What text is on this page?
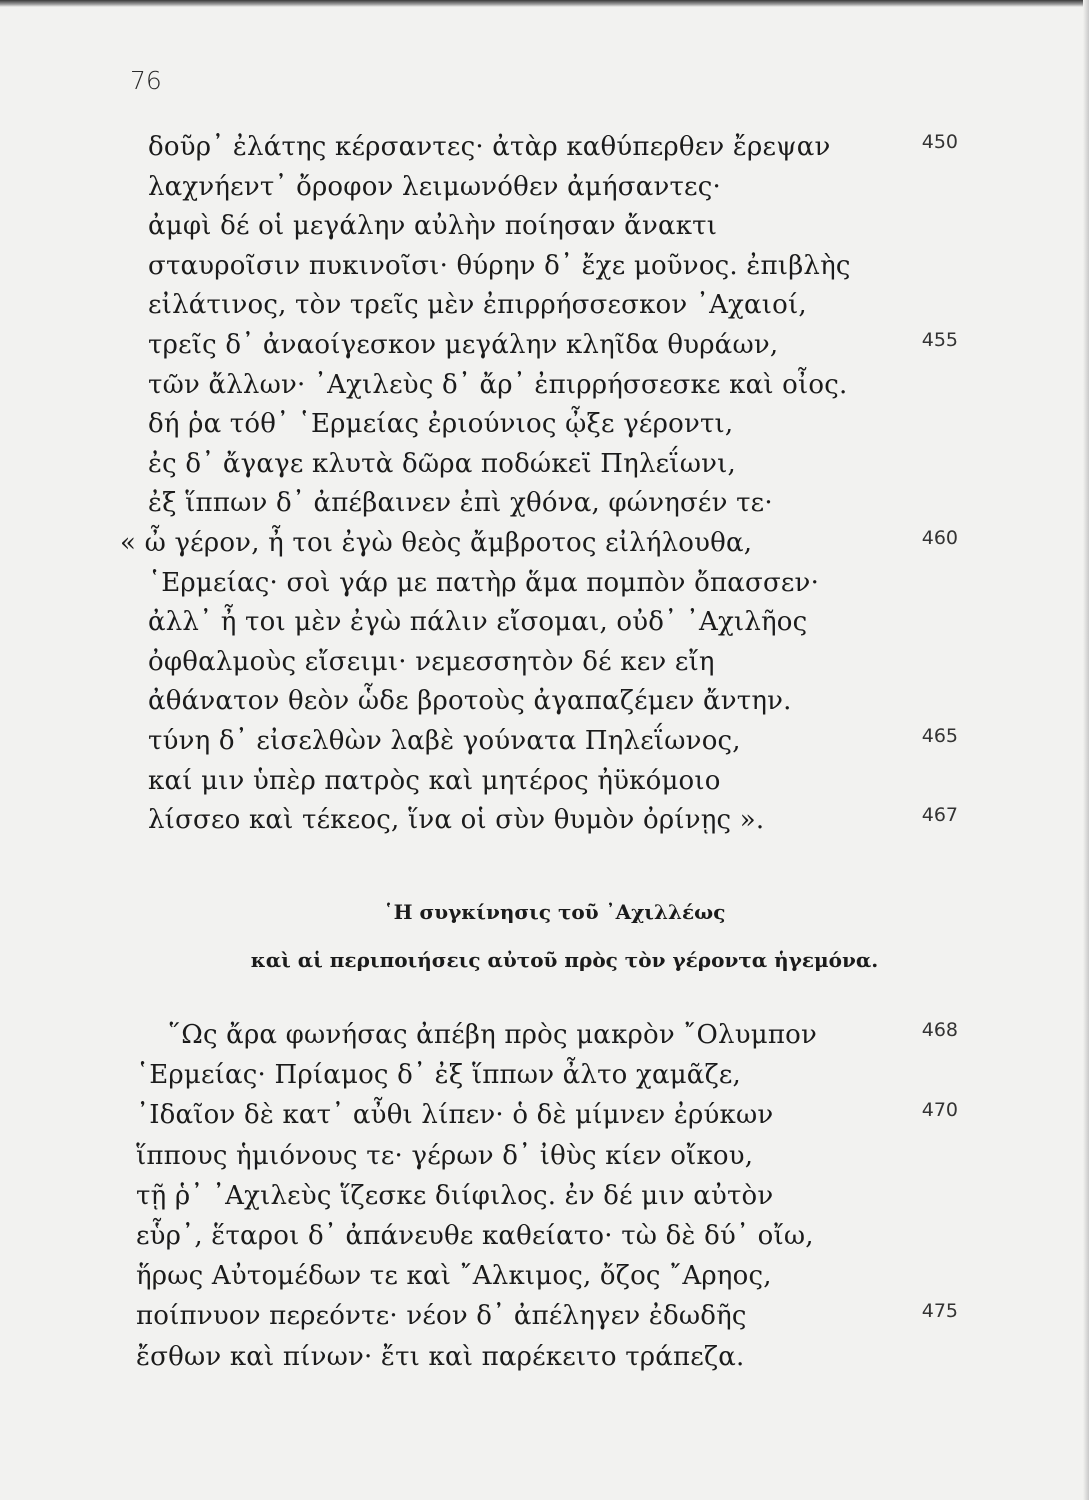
76
δοῦρ᾽ ἐλάτης κέρσαντες· ἀτὰρ καθύπερθεν ἔρεψαν	450
λαχνήεντ᾽ ὄροφον λειμωνόθεν ἀμήσαντες·
ἀμφὶ δέ οἱ μεγάλην αὐλὴν ποίησαν ἄνακτι
σταυροῖσιν πυκινοῖσι· θύρην δ᾽ ἔχε μοῦνος. ἐπιβλὴς
εἰλάτινος, τὸν τρεῖς μὲν ἐπιρρήσσεσκον ᾽Αχαιοί,
τρεῖς δ᾽ ἀναοίγεσκον μεγάλην κληῖδα θυράων,	455
τῶν ἄλλων· ᾽Αχιλεὺς δ᾽ ἄρ᾽ ἐπιρρήσσεσκε καὶ οἶος.
δή ῥα τόθ᾽ ῾Ερμείας ἐριούνιος ᾦξε γέροντι,
ἐς δ᾽ ἄγαγε κλυτὰ δῶρα ποδώκεϊ Πηλεΐωνι,
ἐξ ἵππων δ᾽ ἀπέβαινεν ἐπὶ χθόνα, φώνησέν τε·
« ὦ γέρον, ἦ τοι ἐγὼ θεὸς ἄμβροτος εἰλήλουθα,	460
῾Ερμείας· σοὶ γάρ με πατὴρ ἅμα πομπὸν ὄπασσεν·
ἀλλ᾽ ἦ τοι μὲν ἐγὼ πάλιν εἴσομαι, οὐδ᾽ ᾽Αχιλῆος
ὀφθαλμοὺς εἴσειμι· νεμεσσητὸν δέ κεν εἴη
ἀθάνατον θεὸν ὧδε βροτοὺς ἀγαπαζέμεν ἄντην.
τύνη δ᾽ εἰσελθὼν λαβὲ γούνατα Πηλεΐωνος,	465
καί μιν ὑπὲρ πατρὸς καὶ μητέρος ἠϋκόμοιο
λίσσεο καὶ τέκεος, ἵνα οἱ σὺν θυμὸν ὀρίνῃς ».	467
῾Η συγκίνησις τοῦ ᾽Αχιλλέως
καὶ αἱ περιποιήσεις αὐτοῦ πρὸς τὸν γέροντα ἡγεμόνα.
῞Ως ἄρα φωνήσας ἀπέβη πρὸς μακρὸν ῎Ολυμπον	468
῾Ερμείας· Πρίαμος δ᾽ ἐξ ἵππων ἆλτο χαμᾶζε,
᾽Ιδαῖον δὲ κατ᾽ αὖθι λίπεν· ὁ δὲ μίμνεν ἐρύκων	470
ἵππους ἡμιόνους τε· γέρων δ᾽ ἰθὺς κίεν οἴκου,
τῇ ῥ᾽ ᾽Αχιλεὺς ἵζεσκε διίφιλος. ἐν δέ μιν αὐτὸν
εὗρ᾽, ἕταροι δ᾽ ἀπάνευθε καθείατο· τὼ δὲ δύ᾽ οἴω,
ἥρως Αὐτομέδων τε καὶ ῎Αλκιμος, ὄζος ῎Αρηος,
ποίπνυον περεόντε· νέον δ᾽ ἀπέληγεν ἐδωδῆς	475
ἔσθων καὶ πίνων· ἔτι καὶ παρέκειτο τράπεζα.
